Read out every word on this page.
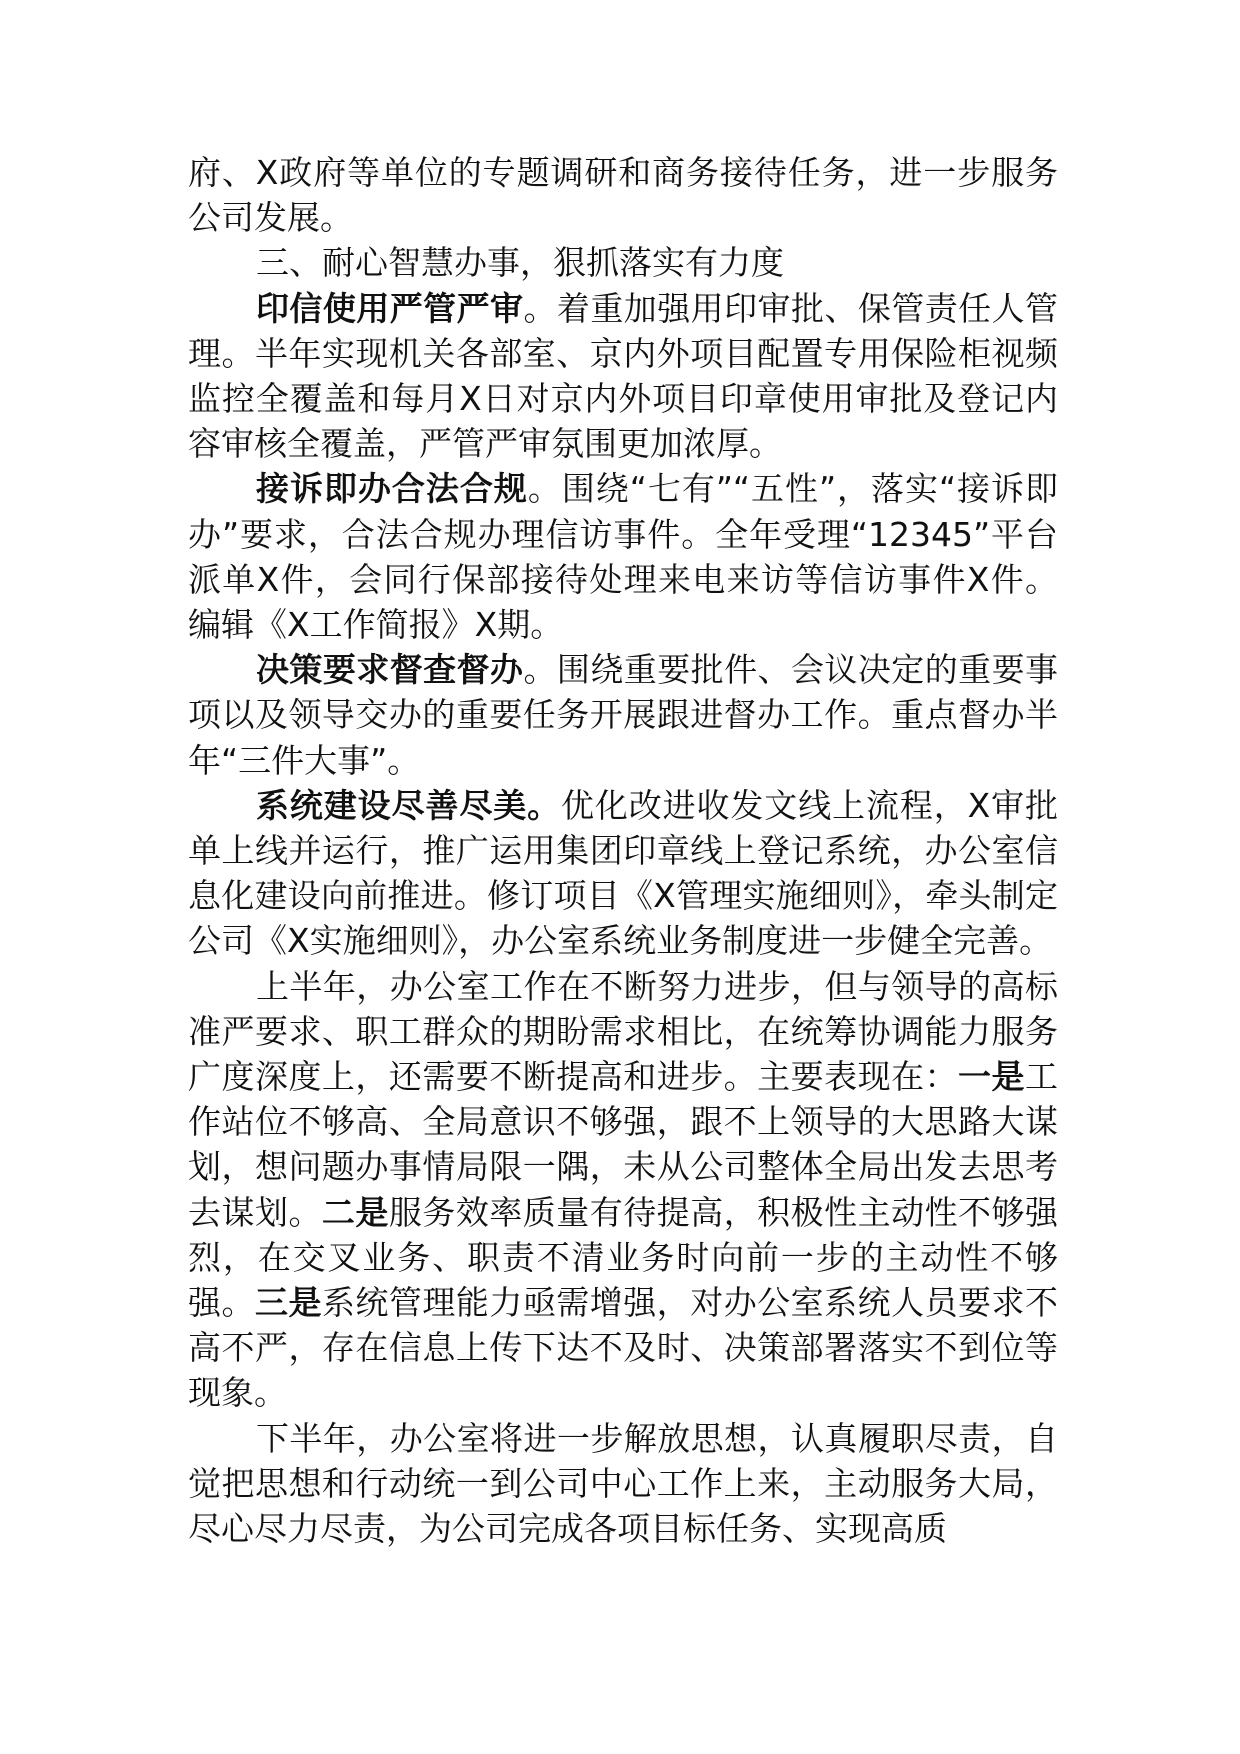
府、X政府等单位的专题调研和商务接待任务，进一步服务公司发展。

三、耐心智慧办事，狠抓落实有力度

印信使用严管严审。着重加强用印审批、保管责任人管理。半年实现机关各部室、京内外项目配置专用保险柜视频监控全覆盖和每月X日对京内外项目印章使用审批及登记内容审核全覆盖，严管严审氛围更加浓厚。

接诉即办合法合规。围绕“七有”“五性”，落实“接诉即办”要求，合法合规办理信访事件。全年受理“12345”平台派单X件，会同行保部接待处理来电来访等信访事件X件。编辑《X工作简报》X期。

决策要求督查督办。围绕重要批件、会议决定的重要事项以及领导交办的重要任务开展跟进督办工作。重点督办半年“三件大事”。

系统建设尽善尽美。优化改进收发文线上流程，X审批单上线并运行，推广运用集团印章线上登记系统，办公室信息化建设向前推进。修订项目《X管理实施细则》，牵头制定公司《X实施细则》，办公室系统业务制度进一步健全完善。

上半年，办公室工作在不断努力进步，但与领导的高标准严要求、职工群众的期盼需求相比，在统筹协调能力服务广度深度上，还需要不断提高和进步。主要表现在：一是工作站位不够高、全局意识不够强，跟不上领导的大思路大谋划，想问题办事情局限一隅，未从公司整体全局出发去思考去谋划。二是服务效率质量有待提高，积极性主动性不够强烈，在交叉业务、职责不清业务时向前一步的主动性不够强。三是系统管理能力亟需增强，对办公室系统人员要求不高不严，存在信息上传下达不及时、决策部署落实不到位等现象。

下半年，办公室将进一步解放思想，认真履职尽责，自觉把思想和行动统一到公司中心工作上来，主动服务大局，尽心尽力尽责，为公司完成各项目标任务、实现高质
